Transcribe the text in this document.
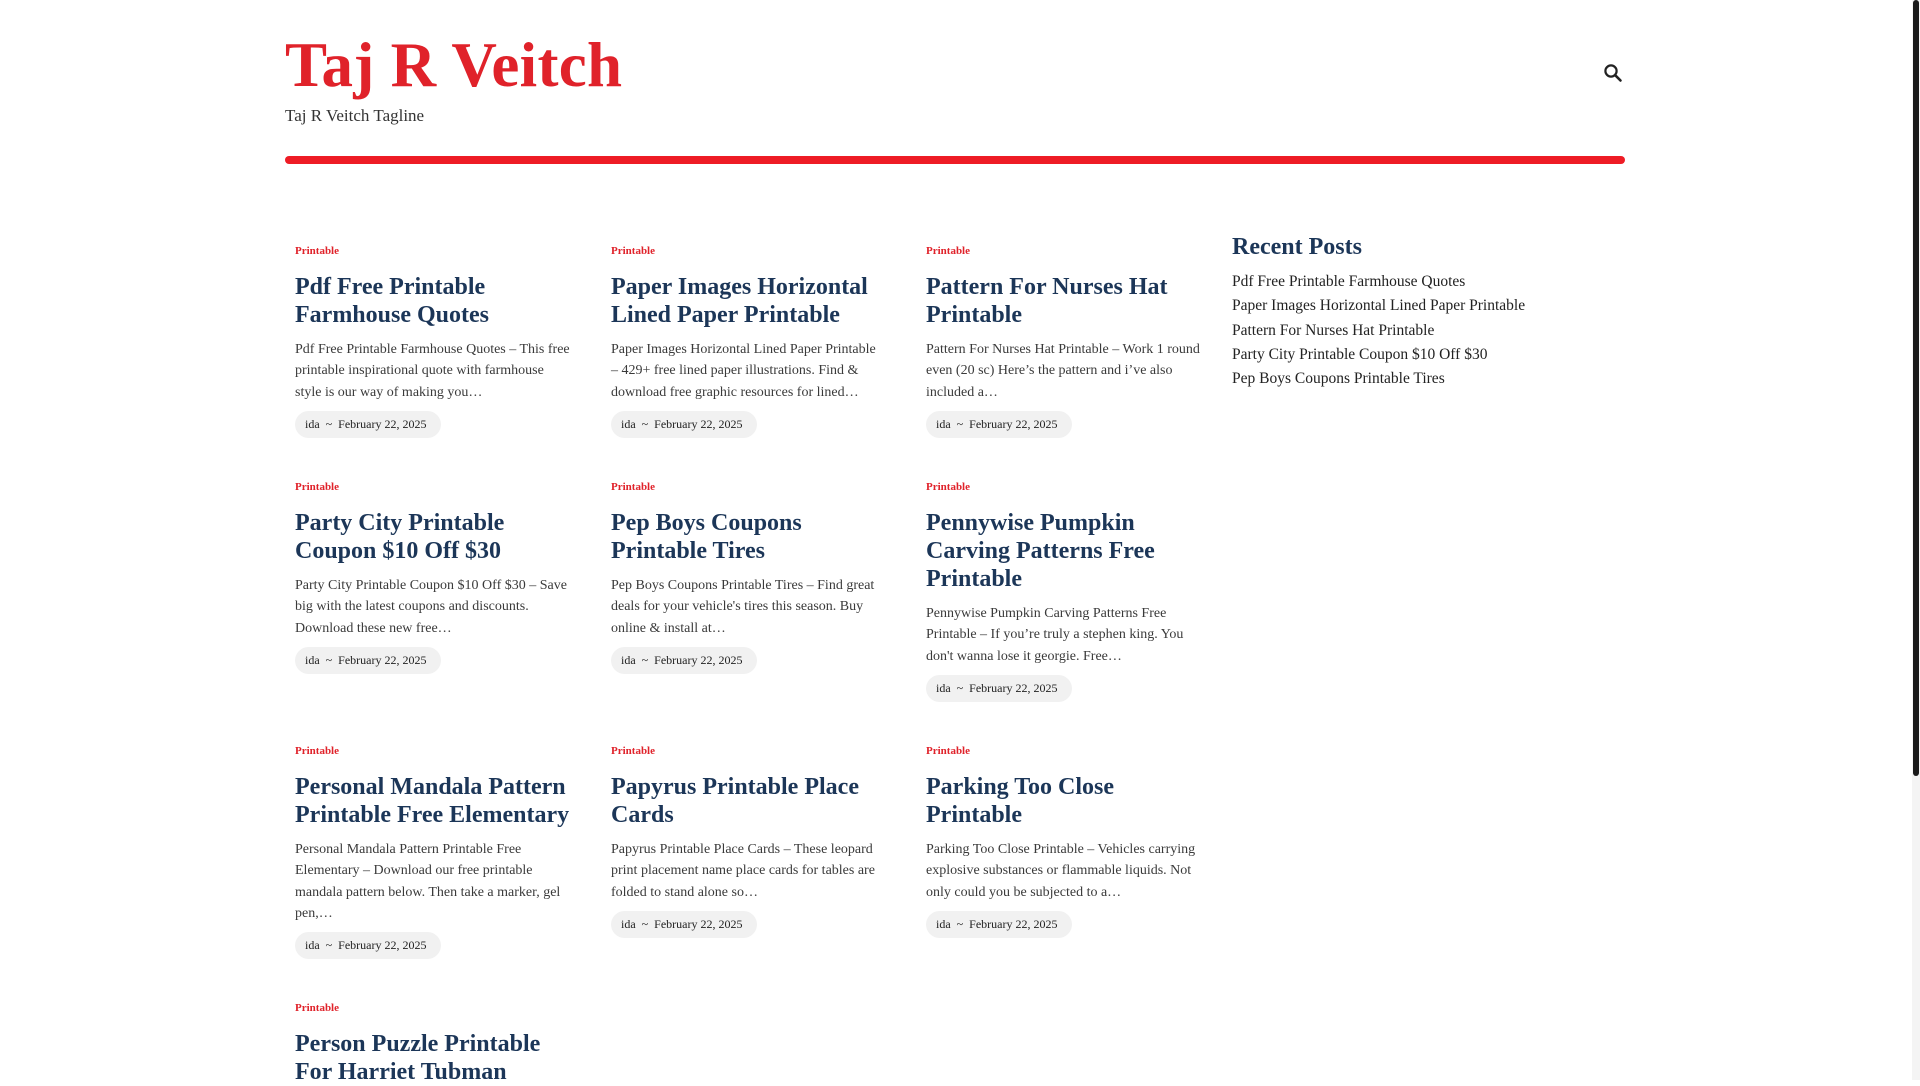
Taj R Veitch
Taj R Veitch Tagline
Printable
Pdf Free Printable Farmhouse Quotes

Pdf Free Printable Farmhouse Quotes – This free printable inspirational quote with farmhouse style is our way of making you…

ida ~ February 22, 2025
Printable
Paper Images Horizontal Lined Paper Printable

Paper Images Horizontal Lined Paper Printable – 429+ free lined paper illustrations. Find & download free graphic resources for lined…

ida ~ February 22, 2025
Printable
Pattern For Nurses Hat Printable

Pattern For Nurses Hat Printable – Work 1 round even (20 sc) Here’s the pattern and i’ve also included a…

ida ~ February 22, 2025
Printable
Party City Printable Coupon $10 Off $30

Party City Printable Coupon $10 Off $30 – Save big with the latest coupons and discounts. Download these new free…

ida ~ February 22, 2025
Printable
Pep Boys Coupons Printable Tires

Pep Boys Coupons Printable Tires – Find great deals for your vehicle's tires this season. Buy online & install at…

ida ~ February 22, 2025
Printable
Pennywise Pumpkin Carving Patterns Free Printable

Pennywise Pumpkin Carving Patterns Free Printable – If you’re truly a stephen king. You don't wanna lose it georgie. Free…

ida ~ February 22, 2025
Printable
Personal Mandala Pattern Printable Free Elementary

Personal Mandala Pattern Printable Free Elementary – Download our free printable mandala pattern below. Then take a marker, gel pen,…

ida ~ February 22, 2025
Printable
Papyrus Printable Place Cards

Papyrus Printable Place Cards – These leopard print placement name place cards for tables are folded to stand alone so…

ida ~ February 22, 2025
Printable
Parking Too Close Printable

Parking Too Close Printable – Vehicles carrying explosive substances or flammable liquids. Not only could you be subjected to a…

ida ~ February 22, 2025
Printable
Person Puzzle Printable For Harriet Tubman
Recent Posts
Pdf Free Printable Farmhouse Quotes
Paper Images Horizontal Lined Paper Printable
Pattern For Nurses Hat Printable
Party City Printable Coupon $10 Off $30
Pep Boys Coupons Printable Tires
